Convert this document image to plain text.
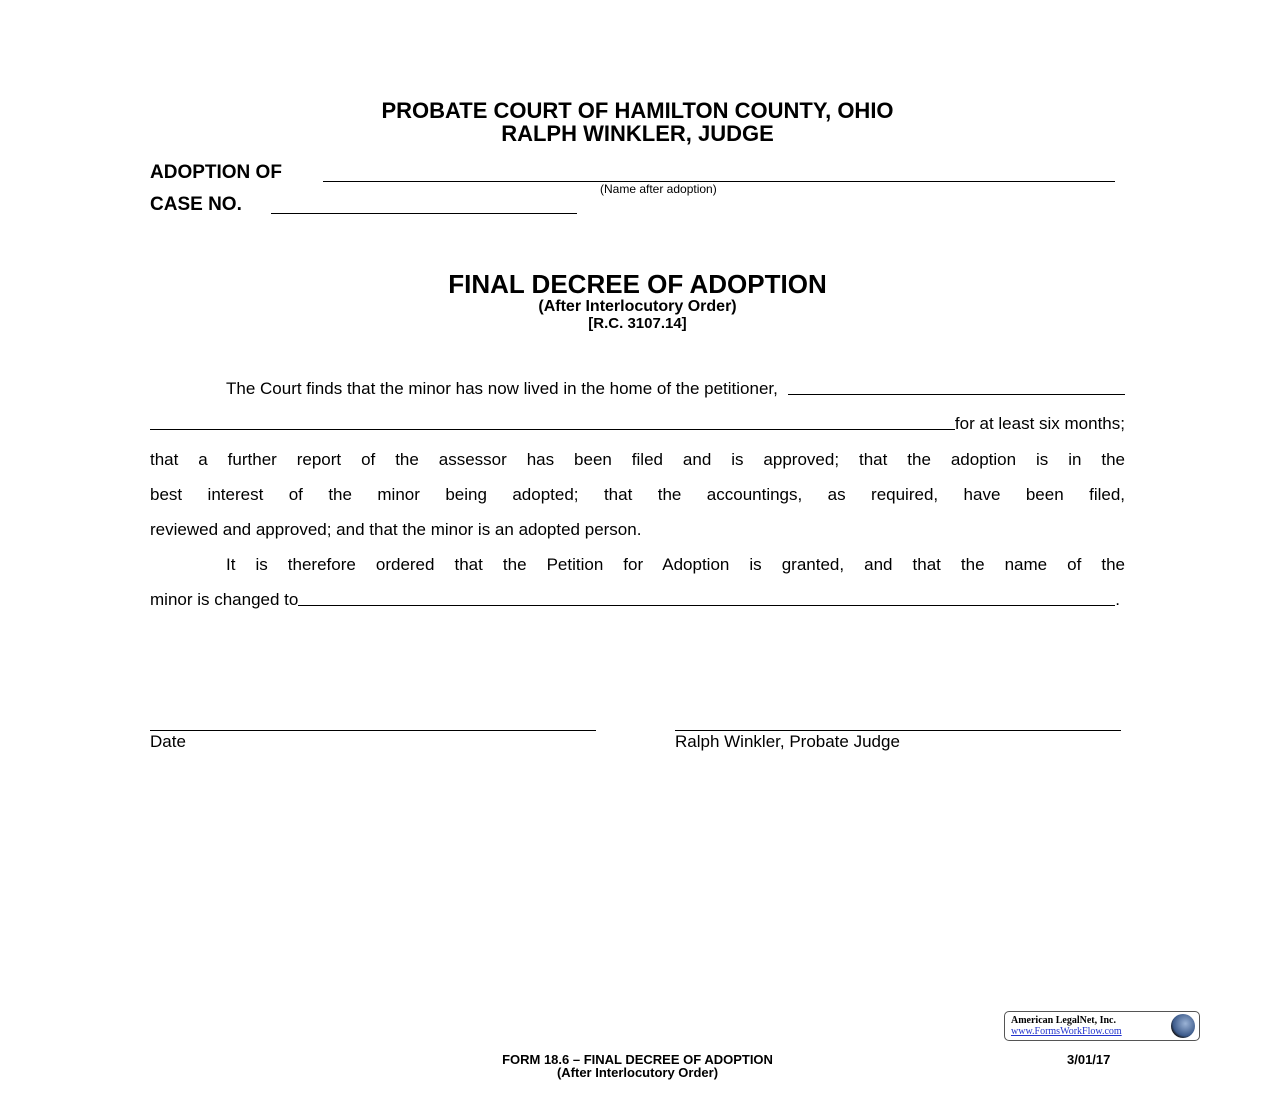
PROBATE COURT OF HAMILTON COUNTY, OHIO
RALPH WINKLER, JUDGE
ADOPTION OF
(Name after adoption)
CASE NO.
FINAL DECREE OF ADOPTION
(After Interlocutory Order)
[R.C. 3107.14]
The Court finds that the minor has now lived in the home of the petitioner,
for at least six months;
that a further report of the assessor has been filed and is approved; that the adoption is in the
best interest of the minor being adopted; that the accountings, as required, have been filed,
reviewed and approved; and that the minor is an adopted person.
It is therefore ordered that the Petition for Adoption is granted, and that the name of the
minor is changed to	.
Date	Ralph Winkler, Probate Judge
American LegalNet, Inc.
www.FormsWorkFlow.com
FORM 18.6 – FINAL DECREE OF ADOPTION
(After Interlocutory Order)
3/01/17
